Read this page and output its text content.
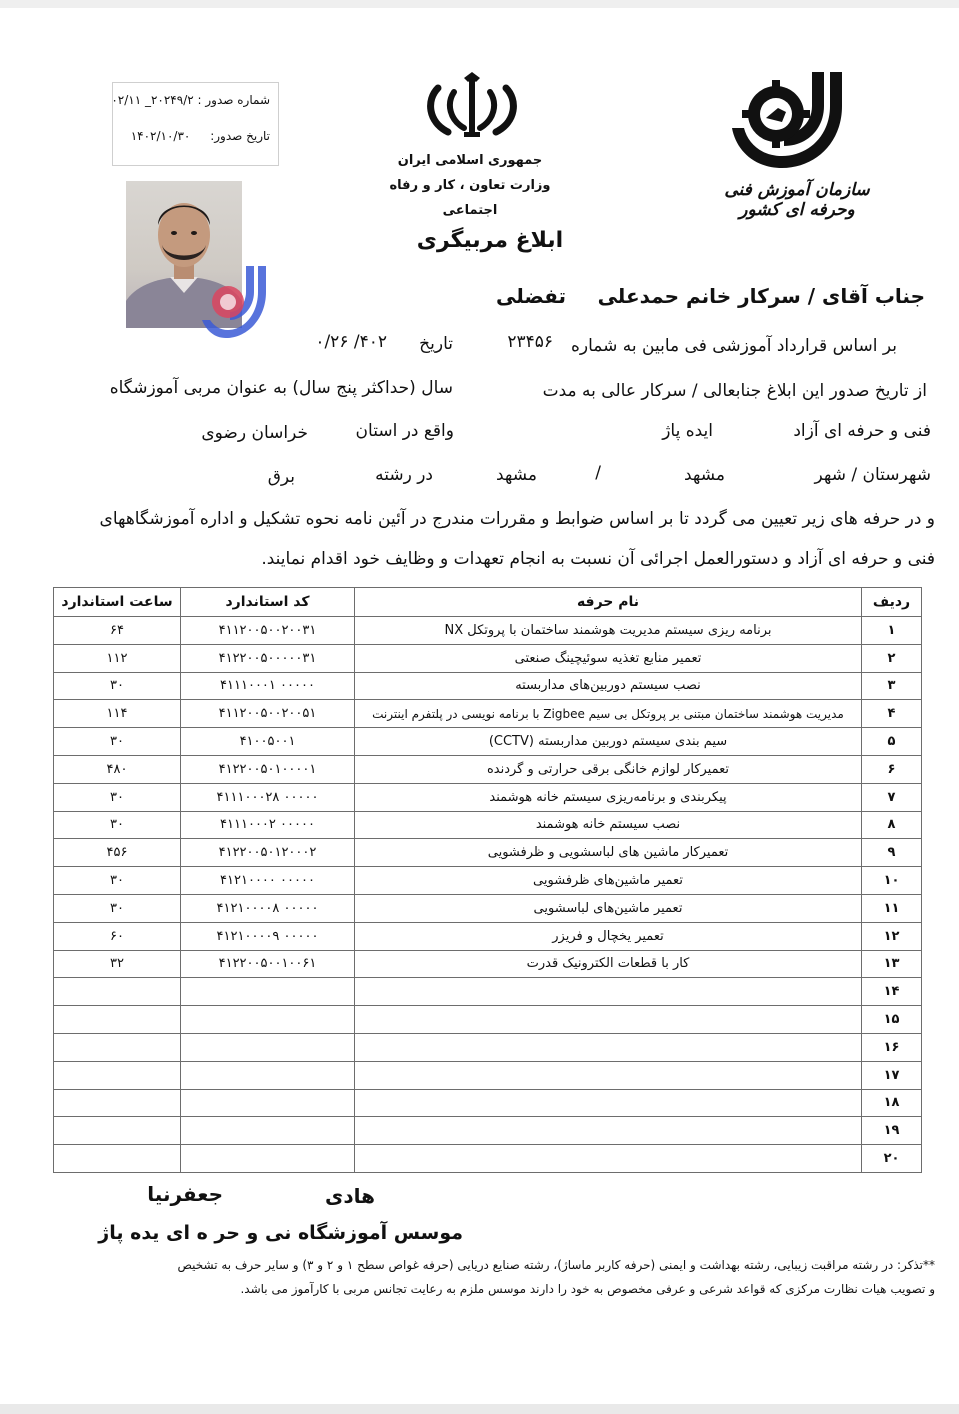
شماره صدور : ۲۰۲۴۹/۲_ ۰۲/۱۱
تاریخ صدور: ۱۴۰۲/۱۰/۳۰
جمهوری اسلامی ایران
وزارت تعاون ، کار و رفاه اجتماعی
سازمان آموزش فنی وحرفه ای کشور
ابلاغ مربیگری
جناب آقای / سرکار خانم
حمدعلی
تفضلی
بر اساس قرارداد آموزشی فی مابین به شماره
۲۳۴۵۶
تاریخ
۴۰۲/ ۰/۲۶
از تاریخ صدور این ابلاغ جنابعالی / سرکار عالی به مدت
سال (حداکثر پنج سال) به عنوان مربی آموزشگاه
فنی و حرفه ای آزاد
ایده پاژ
واقع در استان
خراسان رضوی
شهرستان / شهر
مشهد
/
مشهد
در رشته
برق
و در حرفه های زیر تعیین می گردد تا بر اساس ضوابط و مقررات مندرج در آئین نامه نحوه تشکیل و اداره آموزشگاههای
فنی و حرفه ای آزاد و دستورالعمل اجرائی آن نسبت به انجام تعهدات و وظایف خود اقدام نمایند.
ردیف	نام حرفه	کد استاندارد	ساعت استاندارد
۱	برنامه ریزی سیستم مدیریت هوشمند ساختمان با پروتکل NX	۴۱۱۲۰۰۵۰۰۲۰۰۳۱	۶۴
۲	تعمیر منابع تغذیه سوئیچینگ صنعتی	۴۱۲۲۰۰۵۰۰۰۰۰۳۱	۱۱۲
۳	نصب سیستم دوربین‌های مداربسته	۰۰۰۰۰ ۴۱۱۱۰۰۰۱	۳۰
۴	مدیریت هوشمند ساختمان مبتنی بر پروتکل بی سیم Zigbee با برنامه نویسی در پلتفرم اینترنت	۴۱۱۲۰۰۵۰۰۲۰۰۵۱	۱۱۴
۵	سیم بندی سیستم دوربین مداربسته (CCTV)	۴۱۰۰۵۰۰۱	۳۰
۶	تعمیرکار لوازم خانگی برقی حرارتی و گردنده	۴۱۲۲۰۰۵۰۱۰۰۰۰۱	۴۸۰
۷	پیکربندی و برنامه‌ریزی سیستم خانه هوشمند	۰۰۰۰۰ ۴۱۱۱۰۰۰۲۸	۳۰
۸	نصب سیستم خانه هوشمند	۰۰۰۰۰ ۴۱۱۱۰۰۰۲	۳۰
۹	تعمیرکار ماشین های لباسشویی و ظرفشویی	۴۱۲۲۰۰۵۰۱۲۰۰۰۲	۴۵۶
۱۰	تعمیر ماشین‌های ظرفشویی	۰۰۰۰۰ ۴۱۲۱۰۰۰۰	۳۰
۱۱	تعمیر ماشین‌های لباسشویی	۰۰۰۰۰ ۴۱۲۱۰۰۰۰۸	۳۰
۱۲	تعمیر یخچال و فریزر	۰۰۰۰۰ ۴۱۲۱۰۰۰۰۹	۶۰
۱۳	کار با قطعات الکترونیک قدرت	۴۱۲۲۰۰۵۰۰۱۰۰۶۱	۳۲
۱۴			
۱۵			
۱۶			
۱۷			
۱۸			
۱۹			
۲۰			
هادی
جعفرنیا
موسس آموزشگاه نی و حر ه ای یده پاژ
**تذکر: در رشته مراقبت زیبایی، رشته بهداشت و ایمنی (حرفه کاربر ماساژ)، رشته صنایع دریایی (حرفه غواص سطح ۱ و ۲ و ۳) و سایر حرف به تشخیص
و تصویب هیات نظارت مرکزی که قواعد شرعی و عرفی مخصوص به خود را دارند موسس ملزم به رعایت تجانس مربی با کارآموز می باشد.
